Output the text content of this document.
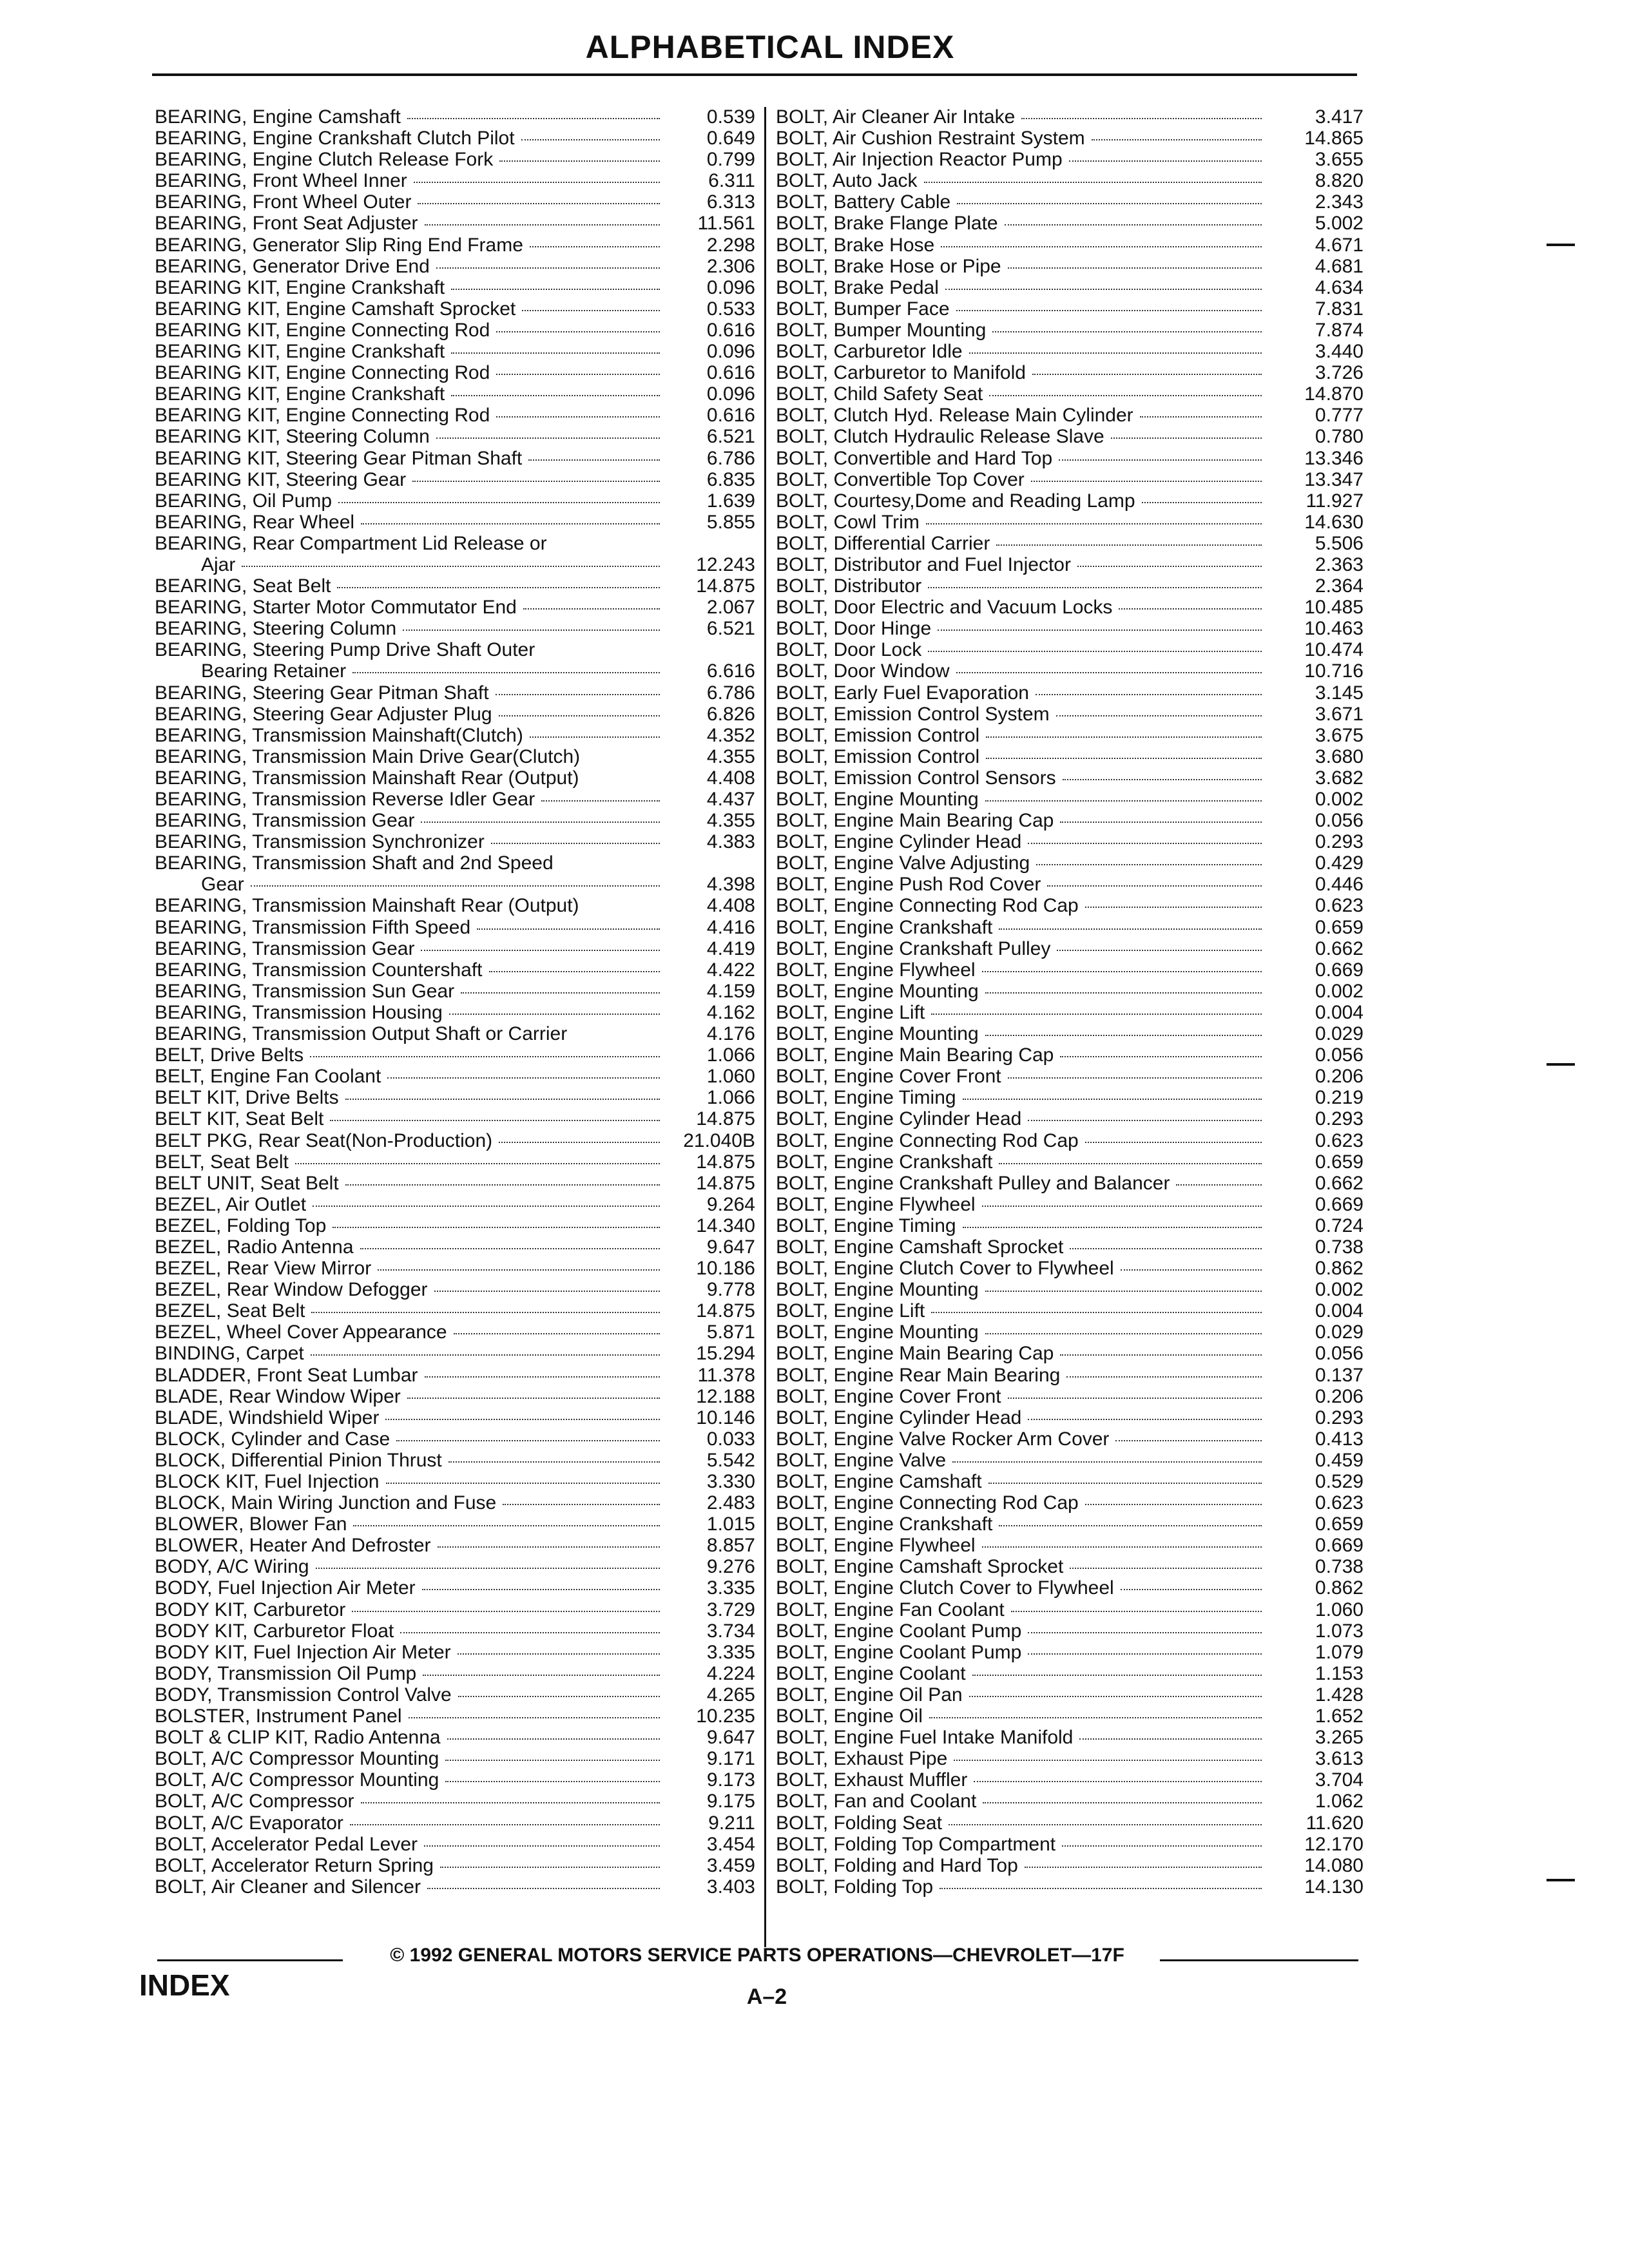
ALPHABETICAL INDEX
BEARING, Engine Camshaft	0.539
BEARING, Engine Crankshaft Clutch Pilot	0.649
BEARING, Engine Clutch Release Fork	0.799
BEARING, Front Wheel Inner	6.311
BEARING, Front Wheel Outer	6.313
BEARING, Front Seat Adjuster	11.561
BEARING, Generator Slip Ring End Frame	2.298
BEARING, Generator Drive End	2.306
BEARING KIT, Engine Crankshaft	0.096
BEARING KIT, Engine Camshaft Sprocket	0.533
BEARING KIT, Engine Connecting Rod	0.616
BEARING KIT, Engine Crankshaft	0.096
BEARING KIT, Engine Connecting Rod	0.616
BEARING KIT, Engine Crankshaft	0.096
BEARING KIT, Engine Connecting Rod	0.616
BEARING KIT, Steering Column	6.521
BEARING KIT, Steering Gear Pitman Shaft	6.786
BEARING KIT, Steering Gear	6.835
BEARING, Oil Pump	1.639
BEARING, Rear Wheel	5.855
BEARING, Rear Compartment Lid Release or
Ajar	12.243
BEARING, Seat Belt	14.875
BEARING, Starter Motor Commutator End	2.067
BEARING, Steering Column	6.521
BEARING, Steering Pump Drive Shaft Outer
Bearing Retainer	6.616
BEARING, Steering Gear Pitman Shaft	6.786
BEARING, Steering Gear Adjuster Plug	6.826
BEARING, Transmission Mainshaft(Clutch)	4.352
BEARING, Transmission Main Drive Gear(Clutch)	4.355
BEARING, Transmission Mainshaft Rear (Output)	4.408
BEARING, Transmission Reverse Idler Gear	4.437
BEARING, Transmission Gear	4.355
BEARING, Transmission Synchronizer	4.383
BEARING, Transmission Shaft and 2nd Speed
Gear	4.398
BEARING, Transmission Mainshaft Rear (Output)	4.408
BEARING, Transmission Fifth Speed	4.416
BEARING, Transmission Gear	4.419
BEARING, Transmission Countershaft	4.422
BEARING, Transmission Sun Gear	4.159
BEARING, Transmission Housing	4.162
BEARING, Transmission Output Shaft or Carrier	4.176
BELT, Drive Belts	1.066
BELT, Engine Fan Coolant	1.060
BELT KIT, Drive Belts	1.066
BELT KIT, Seat Belt	14.875
BELT PKG, Rear Seat(Non-Production)	21.040B
BELT, Seat Belt	14.875
BELT UNIT, Seat Belt	14.875
BEZEL, Air Outlet	9.264
BEZEL, Folding Top	14.340
BEZEL, Radio Antenna	9.647
BEZEL, Rear View Mirror	10.186
BEZEL, Rear Window Defogger	9.778
BEZEL, Seat Belt	14.875
BEZEL, Wheel Cover Appearance	5.871
BINDING, Carpet	15.294
BLADDER, Front Seat Lumbar	11.378
BLADE, Rear Window Wiper	12.188
BLADE, Windshield Wiper	10.146
BLOCK, Cylinder and Case	0.033
BLOCK, Differential Pinion Thrust	5.542
BLOCK KIT, Fuel Injection	3.330
BLOCK, Main Wiring Junction and Fuse	2.483
BLOWER, Blower Fan	1.015
BLOWER, Heater And Defroster	8.857
BODY, A/C Wiring	9.276
BODY, Fuel Injection Air Meter	3.335
BODY KIT, Carburetor	3.729
BODY KIT, Carburetor Float	3.734
BODY KIT, Fuel Injection Air Meter	3.335
BODY, Transmission Oil Pump	4.224
BODY, Transmission Control Valve	4.265
BOLSTER, Instrument Panel	10.235
BOLT & CLIP KIT, Radio Antenna	9.647
BOLT, A/C Compressor Mounting	9.171
BOLT, A/C Compressor Mounting	9.173
BOLT, A/C Compressor	9.175
BOLT, A/C Evaporator	9.211
BOLT, Accelerator Pedal Lever	3.454
BOLT, Accelerator Return Spring	3.459
BOLT, Air Cleaner and Silencer	3.403
BOLT, Air Cleaner Air Intake	3.417
BOLT, Air Cushion Restraint System	14.865
BOLT, Air Injection Reactor Pump	3.655
BOLT, Auto Jack	8.820
BOLT, Battery Cable	2.343
BOLT, Brake Flange Plate	5.002
BOLT, Brake Hose	4.671
BOLT, Brake Hose or Pipe	4.681
BOLT, Brake Pedal	4.634
BOLT, Bumper Face	7.831
BOLT, Bumper Mounting	7.874
BOLT, Carburetor Idle	3.440
BOLT, Carburetor to Manifold	3.726
BOLT, Child Safety Seat	14.870
BOLT, Clutch Hyd. Release Main Cylinder	0.777
BOLT, Clutch Hydraulic Release Slave	0.780
BOLT, Convertible and Hard Top	13.346
BOLT, Convertible Top Cover	13.347
BOLT, Courtesy,Dome and Reading Lamp	11.927
BOLT, Cowl Trim	14.630
BOLT, Differential Carrier	5.506
BOLT, Distributor and Fuel Injector	2.363
BOLT, Distributor	2.364
BOLT, Door Electric and Vacuum Locks	10.485
BOLT, Door Hinge	10.463
BOLT, Door Lock	10.474
BOLT, Door Window	10.716
BOLT, Early Fuel Evaporation	3.145
BOLT, Emission Control System	3.671
BOLT, Emission Control	3.675
BOLT, Emission Control	3.680
BOLT, Emission Control Sensors	3.682
BOLT, Engine Mounting	0.002
BOLT, Engine Main Bearing Cap	0.056
BOLT, Engine Cylinder Head	0.293
BOLT, Engine Valve Adjusting	0.429
BOLT, Engine Push Rod Cover	0.446
BOLT, Engine Connecting Rod Cap	0.623
BOLT, Engine Crankshaft	0.659
BOLT, Engine Crankshaft Pulley	0.662
BOLT, Engine Flywheel	0.669
BOLT, Engine Mounting	0.002
BOLT, Engine Lift	0.004
BOLT, Engine Mounting	0.029
BOLT, Engine Main Bearing Cap	0.056
BOLT, Engine Cover Front	0.206
BOLT, Engine Timing	0.219
BOLT, Engine Cylinder Head	0.293
BOLT, Engine Connecting Rod Cap	0.623
BOLT, Engine Crankshaft	0.659
BOLT, Engine Crankshaft Pulley and Balancer	0.662
BOLT, Engine Flywheel	0.669
BOLT, Engine Timing	0.724
BOLT, Engine Camshaft Sprocket	0.738
BOLT, Engine Clutch Cover to Flywheel	0.862
BOLT, Engine Mounting	0.002
BOLT, Engine Lift	0.004
BOLT, Engine Mounting	0.029
BOLT, Engine Main Bearing Cap	0.056
BOLT, Engine Rear Main Bearing	0.137
BOLT, Engine Cover Front	0.206
BOLT, Engine Cylinder Head	0.293
BOLT, Engine Valve Rocker Arm Cover	0.413
BOLT, Engine Valve	0.459
BOLT, Engine Camshaft	0.529
BOLT, Engine Connecting Rod Cap	0.623
BOLT, Engine Crankshaft	0.659
BOLT, Engine Flywheel	0.669
BOLT, Engine Camshaft Sprocket	0.738
BOLT, Engine Clutch Cover to Flywheel	0.862
BOLT, Engine Fan Coolant	1.060
BOLT, Engine Coolant Pump	1.073
BOLT, Engine Coolant Pump	1.079
BOLT, Engine Coolant	1.153
BOLT, Engine Oil Pan	1.428
BOLT, Engine Oil	1.652
BOLT, Engine Fuel Intake Manifold	3.265
BOLT, Exhaust Pipe	3.613
BOLT, Exhaust Muffler	3.704
BOLT, Fan and Coolant	1.062
BOLT, Folding Seat	11.620
BOLT, Folding Top Compartment	12.170
BOLT, Folding and Hard Top	14.080
BOLT, Folding Top	14.130
© 1992 GENERAL MOTORS SERVICE PARTS OPERATIONS—CHEVROLET—17F
INDEX	A–2
